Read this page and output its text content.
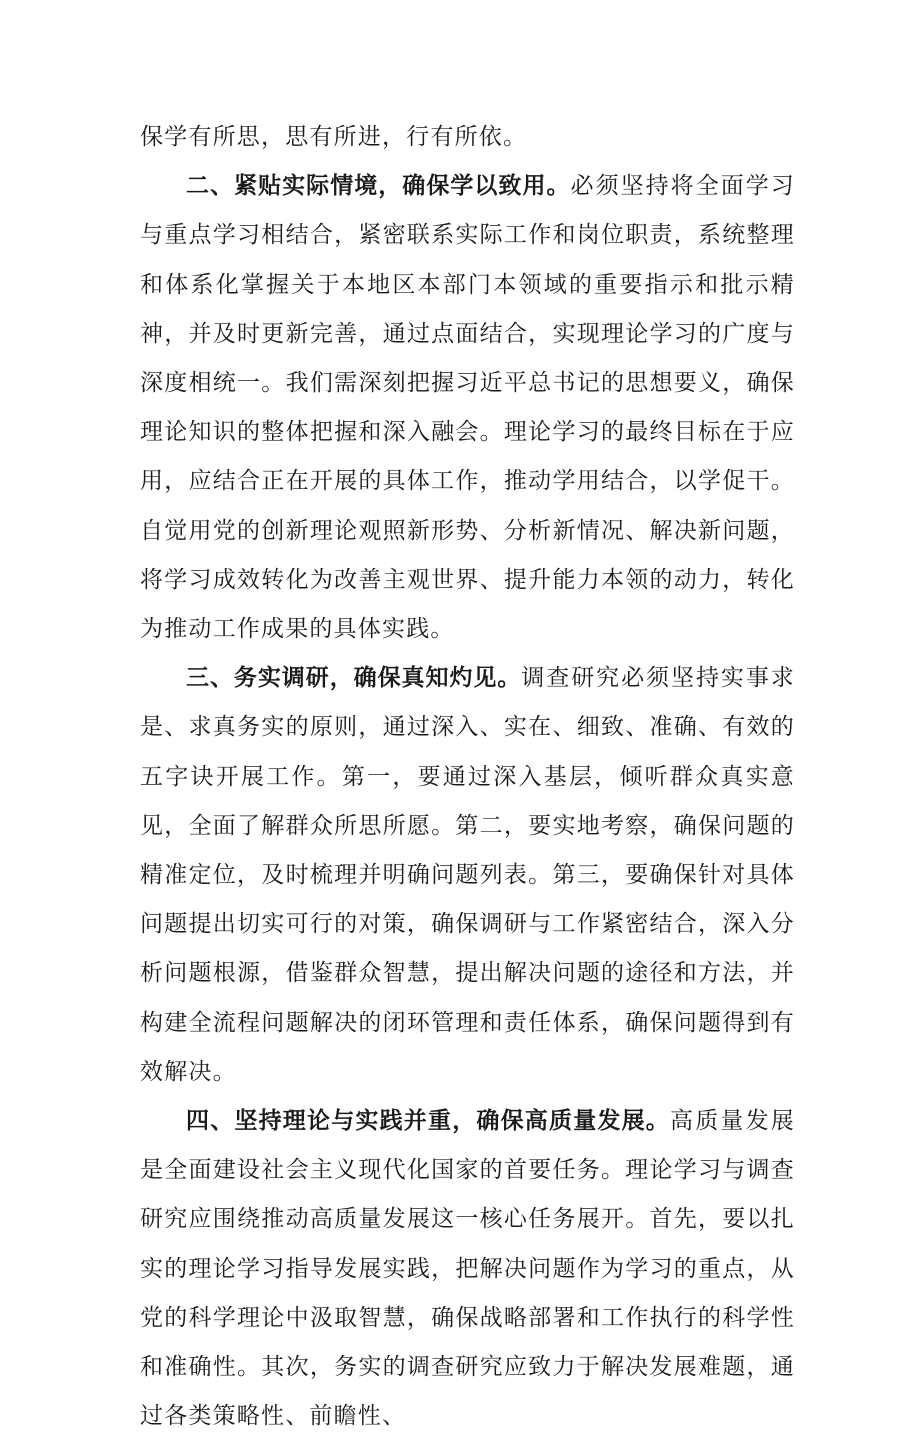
保学有所思，思有所进，行有所依。

二、紧贴实际情境，确保学以致用。必须坚持将全面学习与重点学习相结合，紧密联系实际工作和岗位职责，系统整理和体系化掌握关于本地区本部门本领域的重要指示和批示精神，并及时更新完善，通过点面结合，实现理论学习的广度与深度相统一。我们需深刻把握习近平总书记的思想要义，确保理论知识的整体把握和深入融会。理论学习的最终目标在于应用，应结合正在开展的具体工作，推动学用结合，以学促干。自觉用党的创新理论观照新形势、分析新情况、解决新问题，将学习成效转化为改善主观世界、提升能力本领的动力，转化为推动工作成果的具体实践。

三、务实调研，确保真知灼见。调查研究必须坚持实事求是、求真务实的原则，通过深入、实在、细致、准确、有效的五字诀开展工作。第一，要通过深入基层，倾听群众真实意见，全面了解群众所思所愿。第二，要实地考察，确保问题的精准定位，及时梳理并明确问题列表。第三，要确保针对具体问题提出切实可行的对策，确保调研与工作紧密结合，深入分析问题根源，借鉴群众智慧，提出解决问题的途径和方法，并构建全流程问题解决的闭环管理和责任体系，确保问题得到有效解决。

四、坚持理论与实践并重，确保高质量发展。高质量发展是全面建设社会主义现代化国家的首要任务。理论学习与调查研究应围绕推动高质量发展这一核心任务展开。首先，要以扎实的理论学习指导发展实践，把解决问题作为学习的重点，从党的科学理论中汲取智慧，确保战略部署和工作执行的科学性和准确性。其次，务实的调查研究应致力于解决发展难题，通过各类策略性、前瞻性、
